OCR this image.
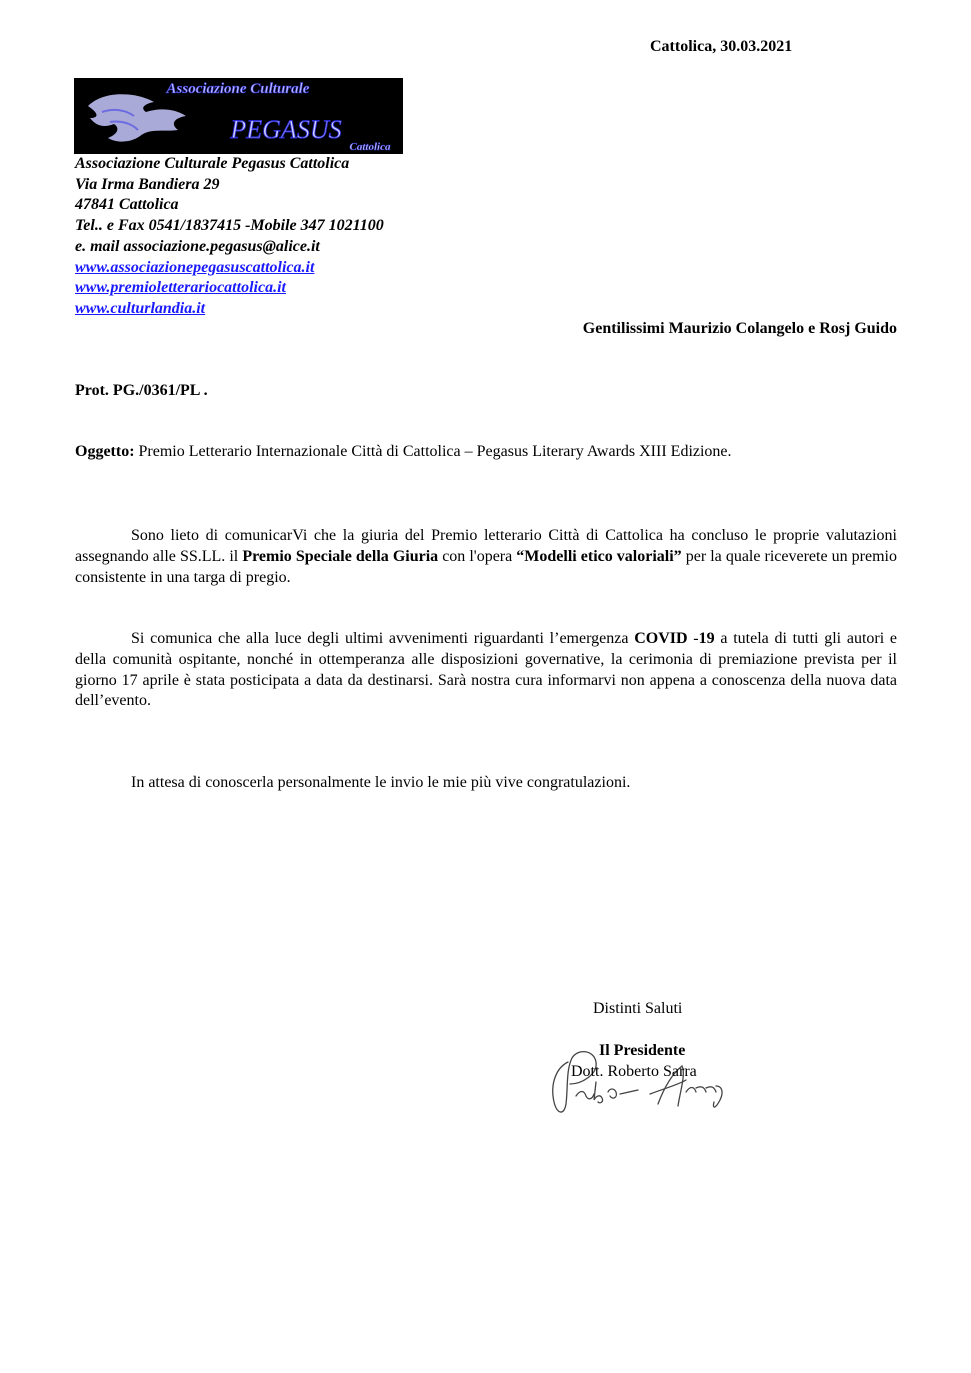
Cattolica, 30.03.2021
Associazione Culturale
PEGASUS
Cattolica
Associazione Culturale Pegasus Cattolica
Via Irma Bandiera 29
47841 Cattolica
Tel.. e Fax 0541/1837415 -Mobile 347 1021100
e. mail associazione.pegasus@alice.it
www.associazionepegasuscattolica.it
www.premioletterariocattolica.it
www.culturlandia.it
Gentilissimi Maurizio Colangelo e Rosj Guido
Prot. PG./0361/PL .
Oggetto: Premio Letterario Internazionale Città di Cattolica – Pegasus Literary Awards XIII Edizione.
Sono lieto di comunicarVi che la giuria del Premio letterario Città di Cattolica ha concluso le proprie valutazioni assegnando alle SS.LL. il Premio Speciale della Giuria con l'opera “Modelli etico valoriali” per la quale riceverete un premio consistente in una targa di pregio.
Si comunica che alla luce degli ultimi avvenimenti riguardanti l’emergenza COVID -19 a tutela di tutti gli autori e della comunità ospitante, nonché in ottemperanza alle disposizioni governative, la cerimonia di premiazione prevista per il giorno 17 aprile è stata posticipata a data da destinarsi. Sarà nostra cura informarvi non appena a conoscenza della nuova data dell’evento.
In attesa di conoscerla personalmente le invio le mie più vive congratulazioni.
Distinti Saluti
Il Presidente
Dott. Roberto Sarra
